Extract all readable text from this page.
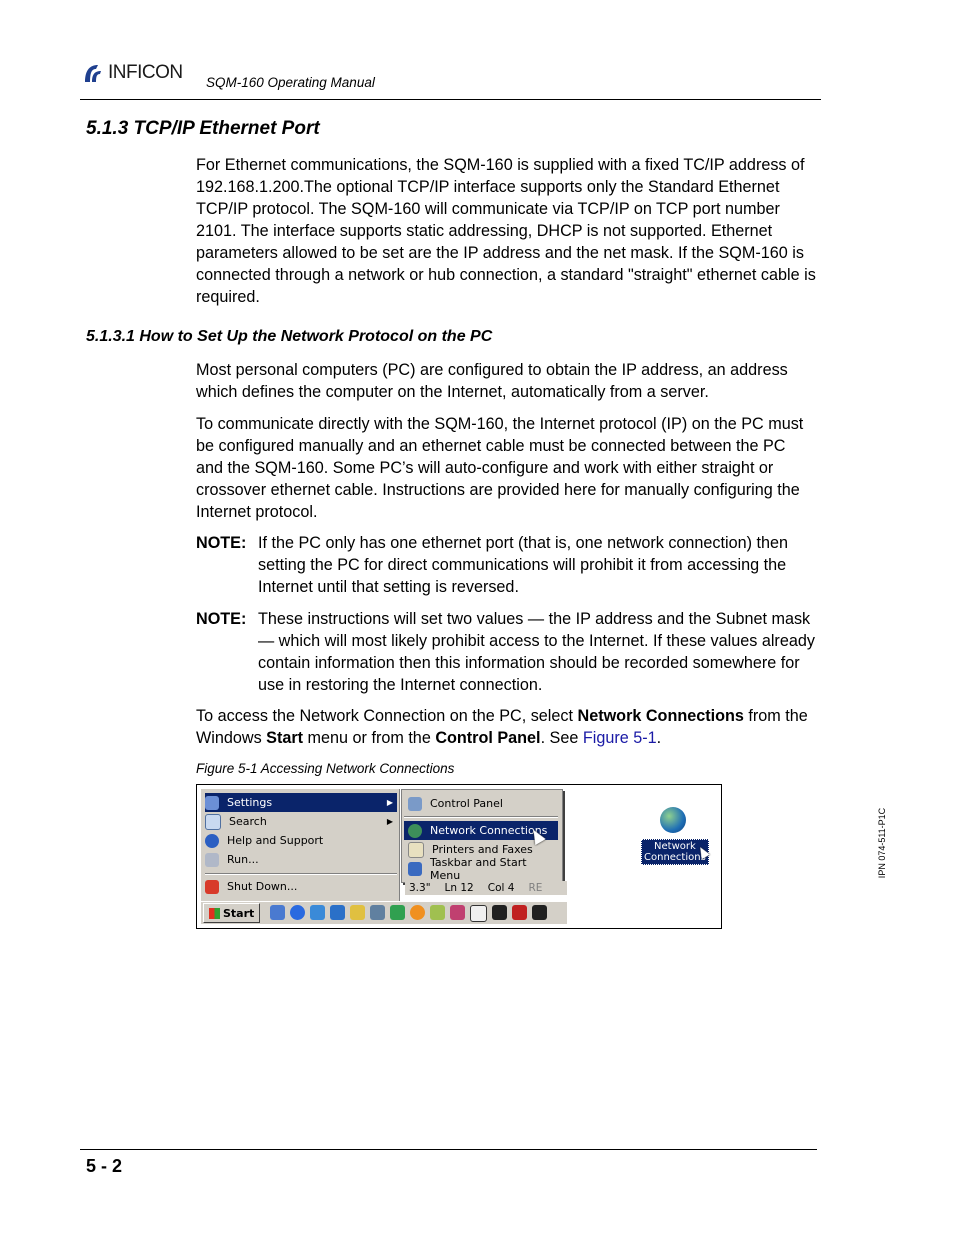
INFICON SQM-160 Operating Manual
5.1.3 TCP/IP Ethernet Port

For Ethernet communications, the SQM-160 is supplied with a fixed TC/IP address of 192.168.1.200.The optional TCP/IP interface supports only the Standard Ethernet TCP/IP protocol. The SQM-160 will communicate via TCP/IP on TCP port number 2101. The interface supports static addressing, DHCP is not supported. Ethernet parameters allowed to be set are the IP address and the net mask. If the SQM-160 is connected through a network or hub connection, a standard "straight" ethernet cable is required.

5.1.3.1 How to Set Up the Network Protocol on the PC

Most personal computers (PC) are configured to obtain the IP address, an address which defines the computer on the Internet, automatically from a server.

To communicate directly with the SQM-160, the Internet protocol (IP) on the PC must be configured manually and an ethernet cable must be connected between the PC and the SQM-160. Some PC’s will auto-configure and work with either straight or crossover ethernet cable. Instructions are provided here for manually configuring the Internet protocol.

NOTE: If the PC only has one ethernet port (that is, one network connection) then setting the PC for direct communications will prohibit it from accessing the Internet until that setting is reversed.
NOTE: These instructions will set two values — the IP address and the Subnet mask — which will most likely prohibit access to the Internet. If these values already contain information then this information should be recorded somewhere for use in restoring the Internet connection.

To access the Network Connection on the PC, select Network Connections from the Windows Start menu or from the Control Panel. See Figure 5-1.

Figure 5-1 Accessing Network Connections
Settings	▶
Search	▶
Help and Support
Run...
Shut Down...
Control Panel
Network Connections
Printers and Faxes
Taskbar and Start Menu
3.3" Ln 12 Col 4 RE
Start
Network
Connections	IPN 074-511-P1C
5 - 2
